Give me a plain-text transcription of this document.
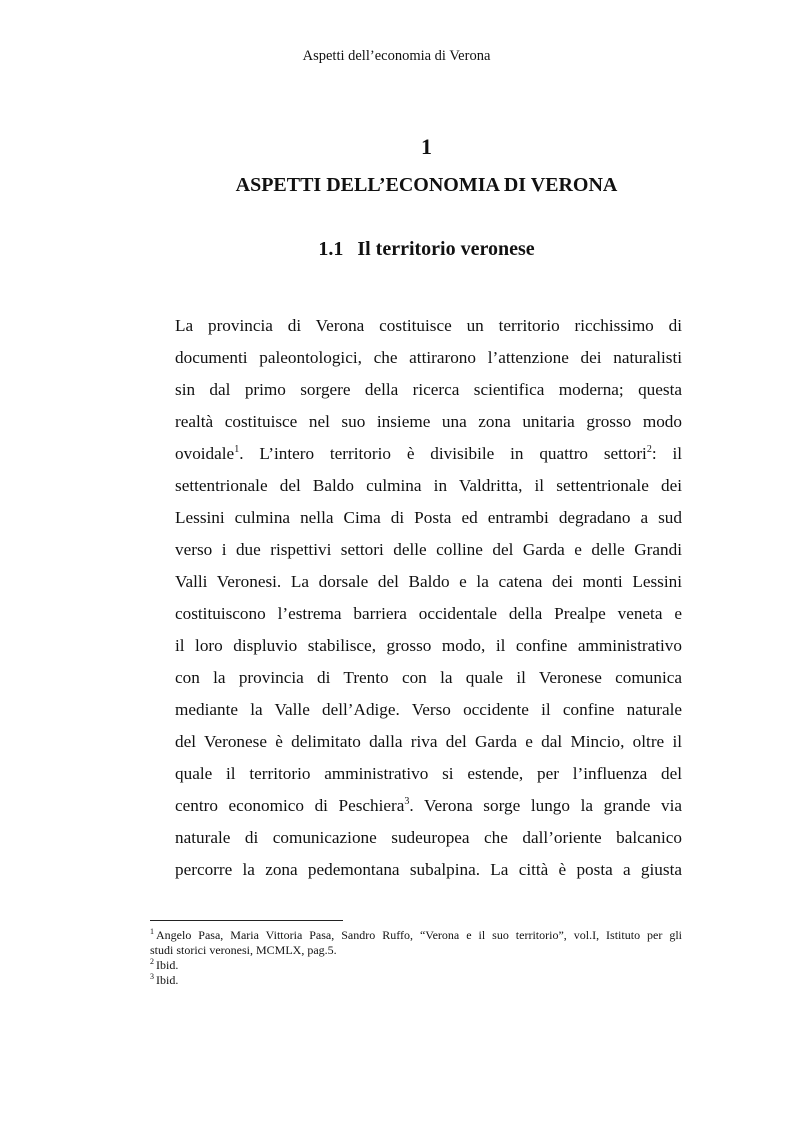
Aspetti dell’economia di Verona

1
ASPETTI DELL’ECONOMIA DI VERONA
1.1 Il territorio veronese
La provincia di Verona costituisce un territorio ricchissimo di
documenti paleontologici, che attirarono l’attenzione dei naturalisti
sin dal primo sorgere della ricerca scientifica moderna; questa
realtà costituisce nel suo insieme una zona unitaria grosso modo
ovoidale$^1$. L’intero territorio è divisibile in quattro settori$^2$: il
settentrionale del Baldo culmina in Valdritta, il settentrionale dei
Lessini culmina nella Cima di Posta ed entrambi degradano a sud
verso i due rispettivi settori delle colline del Garda e delle Grandi
Valli Veronesi. La dorsale del Baldo e la catena dei monti Lessini
costituiscono l’estrema barriera occidentale della Prealpe veneta e
il loro displuvio stabilisce, grosso modo, il confine amministrativo
con la provincia di Trento con la quale il Veronese comunica
mediante la Valle dell’Adige. Verso occidente il confine naturale
del Veronese è delimitato dalla riva del Garda e dal Mincio, oltre il
quale il territorio amministrativo si estende, per l’influenza del
centro economico di Peschiera$^3$. Verona sorge lungo la grande via
naturale di comunicazione sudeuropea che dall’oriente balcanico
percorre la zona pedemontana subalpina. La città è posta a giusta
$^1$ Angelo Pasa, Maria Vittoria Pasa, Sandro Ruffo, “Verona e il suo territorio”, vol.I, Istituto per gli
studi storici veronesi, MCMLX, pag.5.
$^2$ Ibid.
$^3$ Ibid.
